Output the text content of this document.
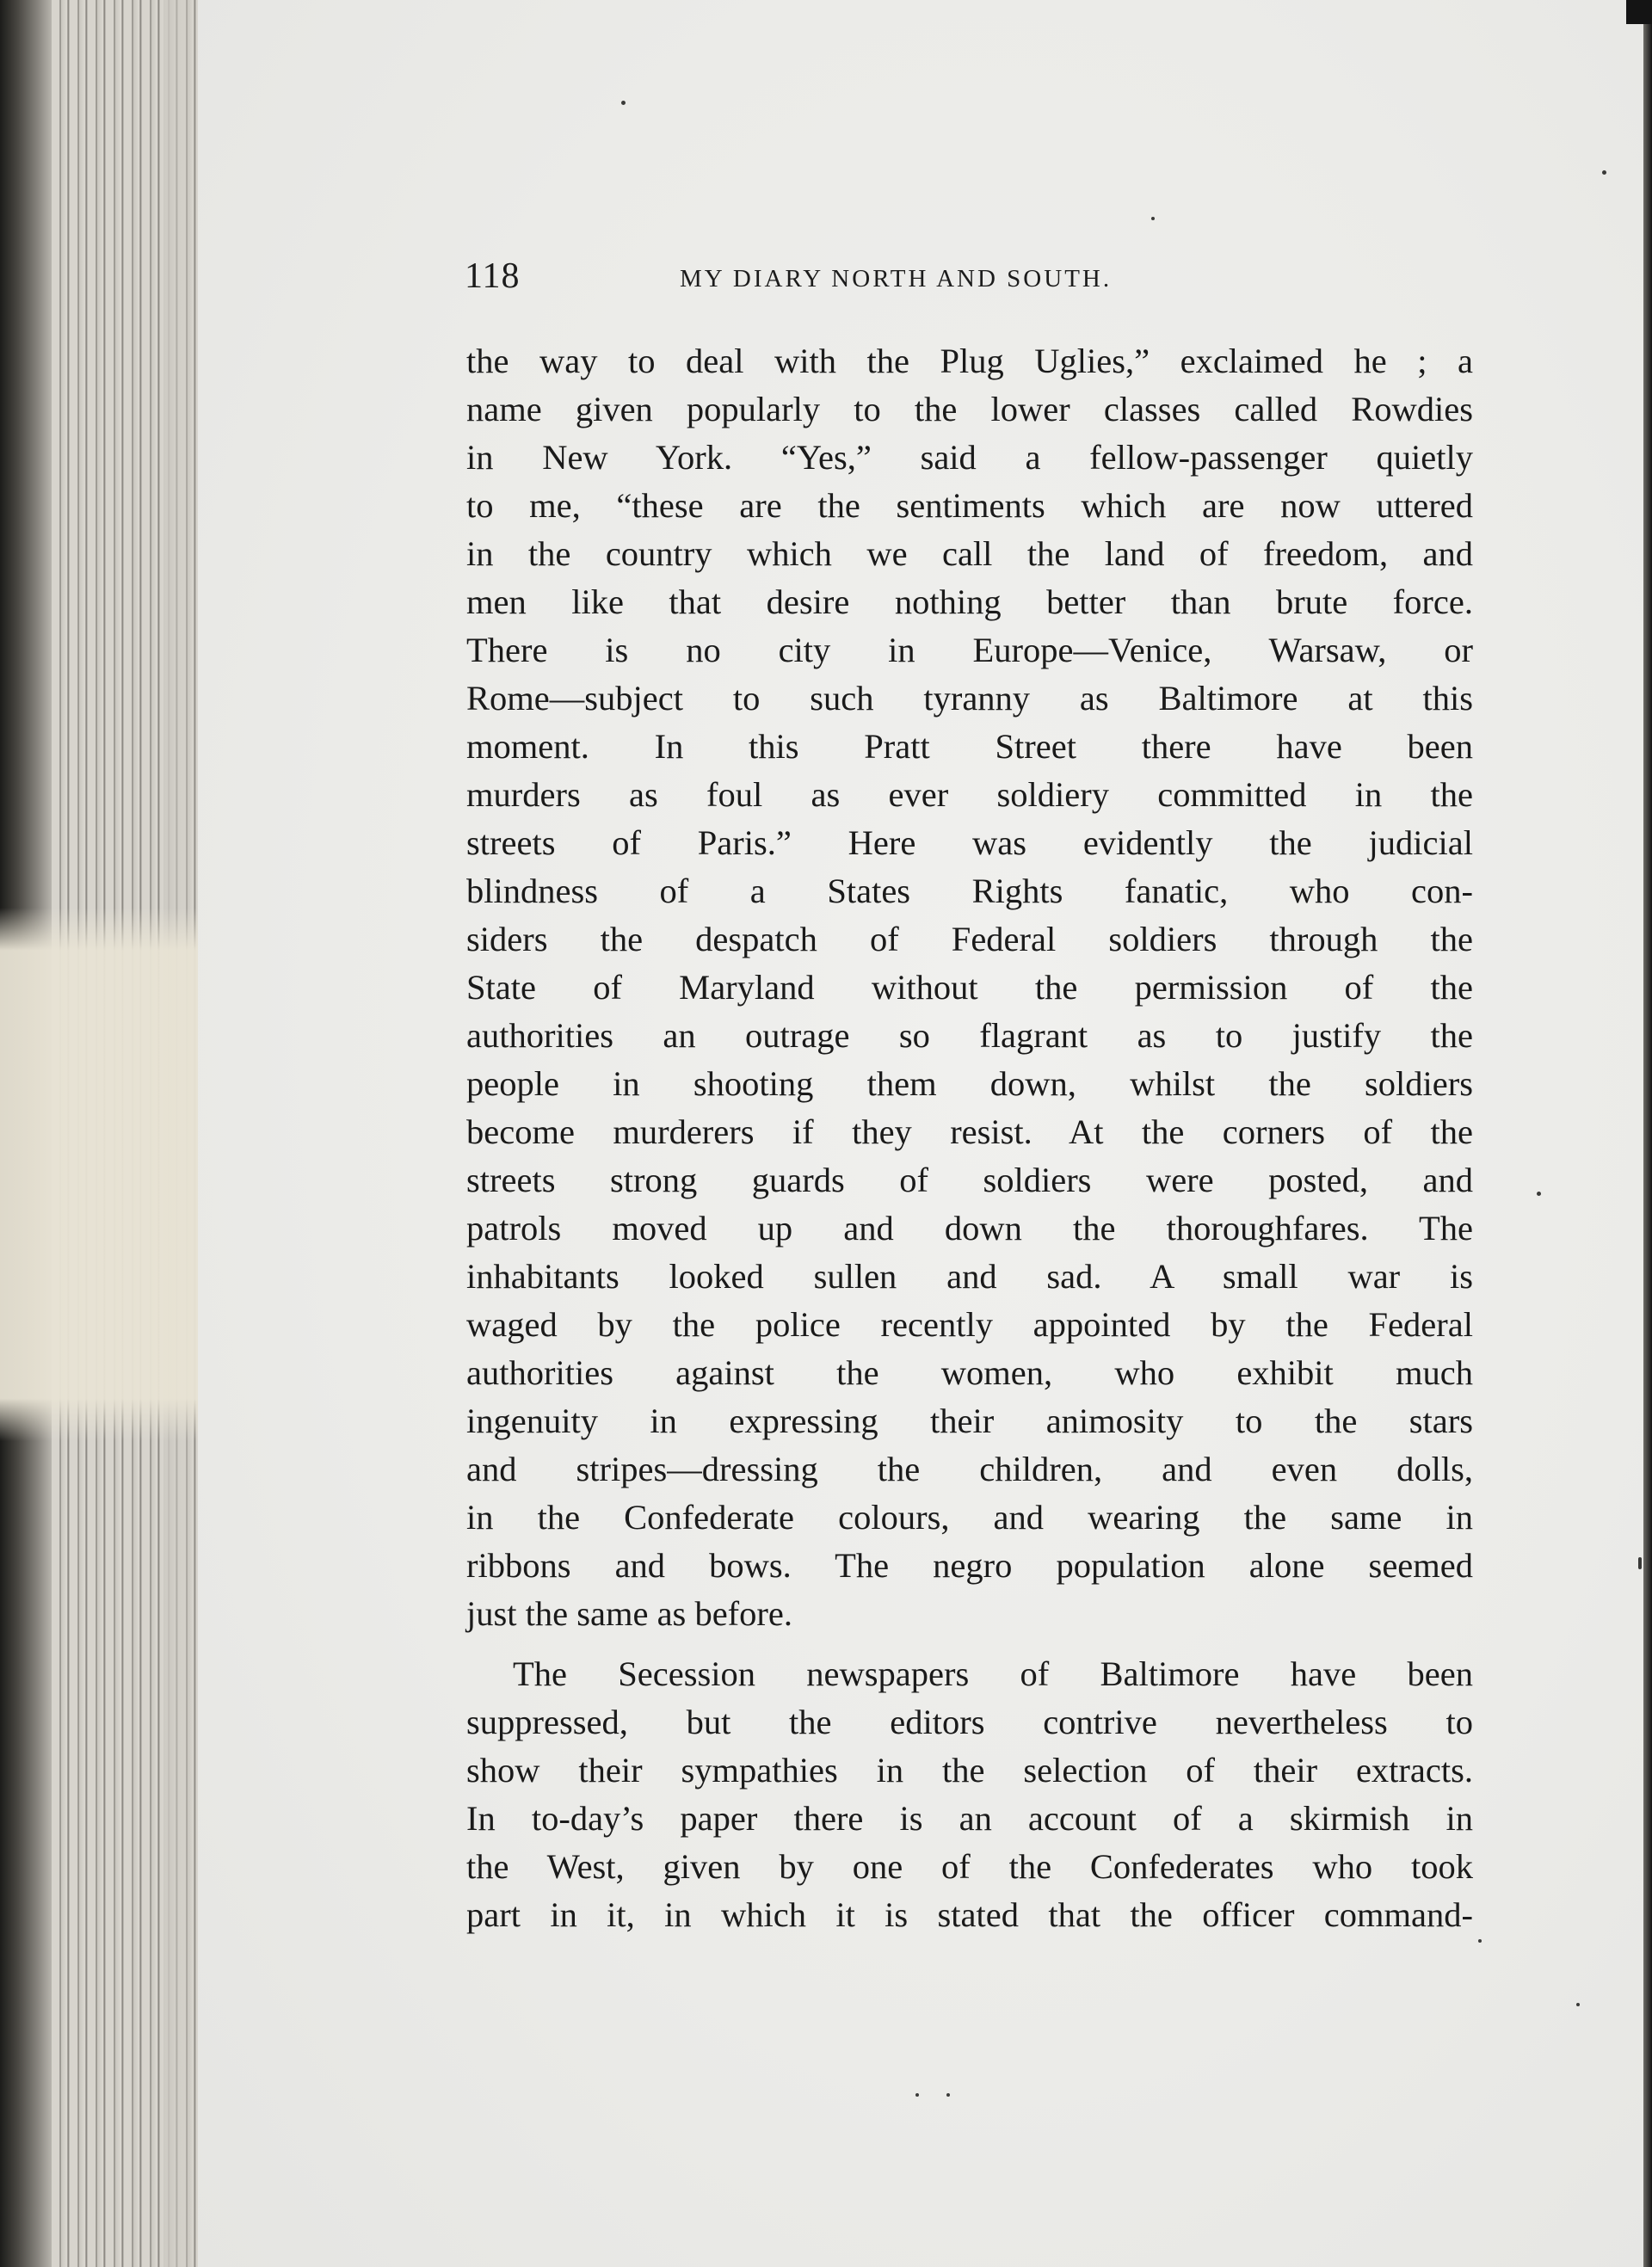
118	MY DIARY NORTH AND SOUTH.
the way to deal with the Plug Uglies,” exclaimed he ; a
name given popularly to the lower classes called Rowdies
in New York. “Yes,” said a fellow-passenger quietly
to me, “these are the sentiments which are now uttered
in the country which we call the land of freedom, and
men like that desire nothing better than brute force.
There is no city in Europe—Venice, Warsaw, or
Rome—subject to such tyranny as Baltimore at this
moment. In this Pratt Street there have been
murders as foul as ever soldiery committed in the
streets of Paris.” Here was evidently the judicial
blindness of a States Rights fanatic, who con-
siders the despatch of Federal soldiers through the
State of Maryland without the permission of the
authorities an outrage so flagrant as to justify the
people in shooting them down, whilst the soldiers
become murderers if they resist. At the corners of the
streets strong guards of soldiers were posted, and
patrols moved up and down the thoroughfares. The
inhabitants looked sullen and sad. A small war is
waged by the police recently appointed by the Federal
authorities against the women, who exhibit much
ingenuity in expressing their animosity to the stars
and stripes—dressing the children, and even dolls,
in the Confederate colours, and wearing the same in
ribbons and bows. The negro population alone seemed
just the same as before.
The Secession newspapers of Baltimore have been
suppressed, but the editors contrive nevertheless to
show their sympathies in the selection of their extracts.
In to-day’s paper there is an account of a skirmish in
the West, given by one of the Confederates who took
part in it, in which it is stated that the officer command-
